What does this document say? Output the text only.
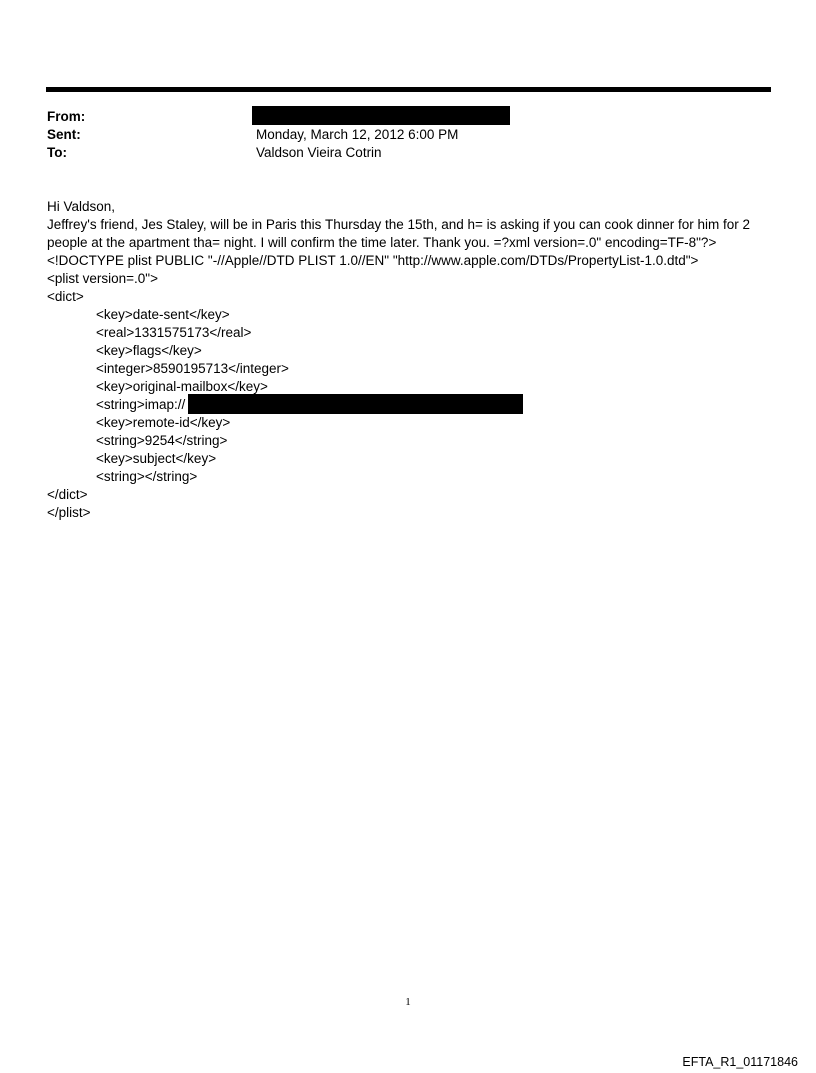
From:
Sent:	Monday, March 12, 2012 6:00 PM
To:	Valdson Vieira Cotrin
Hi Valdson,
Jeffrey's friend, Jes Staley, will be in Paris this Thursday the 15th, and h= is asking if you can cook dinner for him for 2
people at the apartment tha= night. I will confirm the time later. Thank you. =?xml version=.0" encoding=TF-8"?>
<!DOCTYPE plist PUBLIC "-//Apple//DTD PLIST 1.0//EN" "http://www.apple.com/DTDs/PropertyList-1.0.dtd">
<plist version=.0">
<dict>
<key>date-sent</key>
<real>1331575173</real>
<key>flags</key>
<integer>8590195713</integer>
<key>original-mailbox</key>
<string>imap://
<key>remote-id</key>
<string>9254</string>
<key>subject</key>
<string></string>
</dict>
</plist>
1
EFTA_R1_01171846
